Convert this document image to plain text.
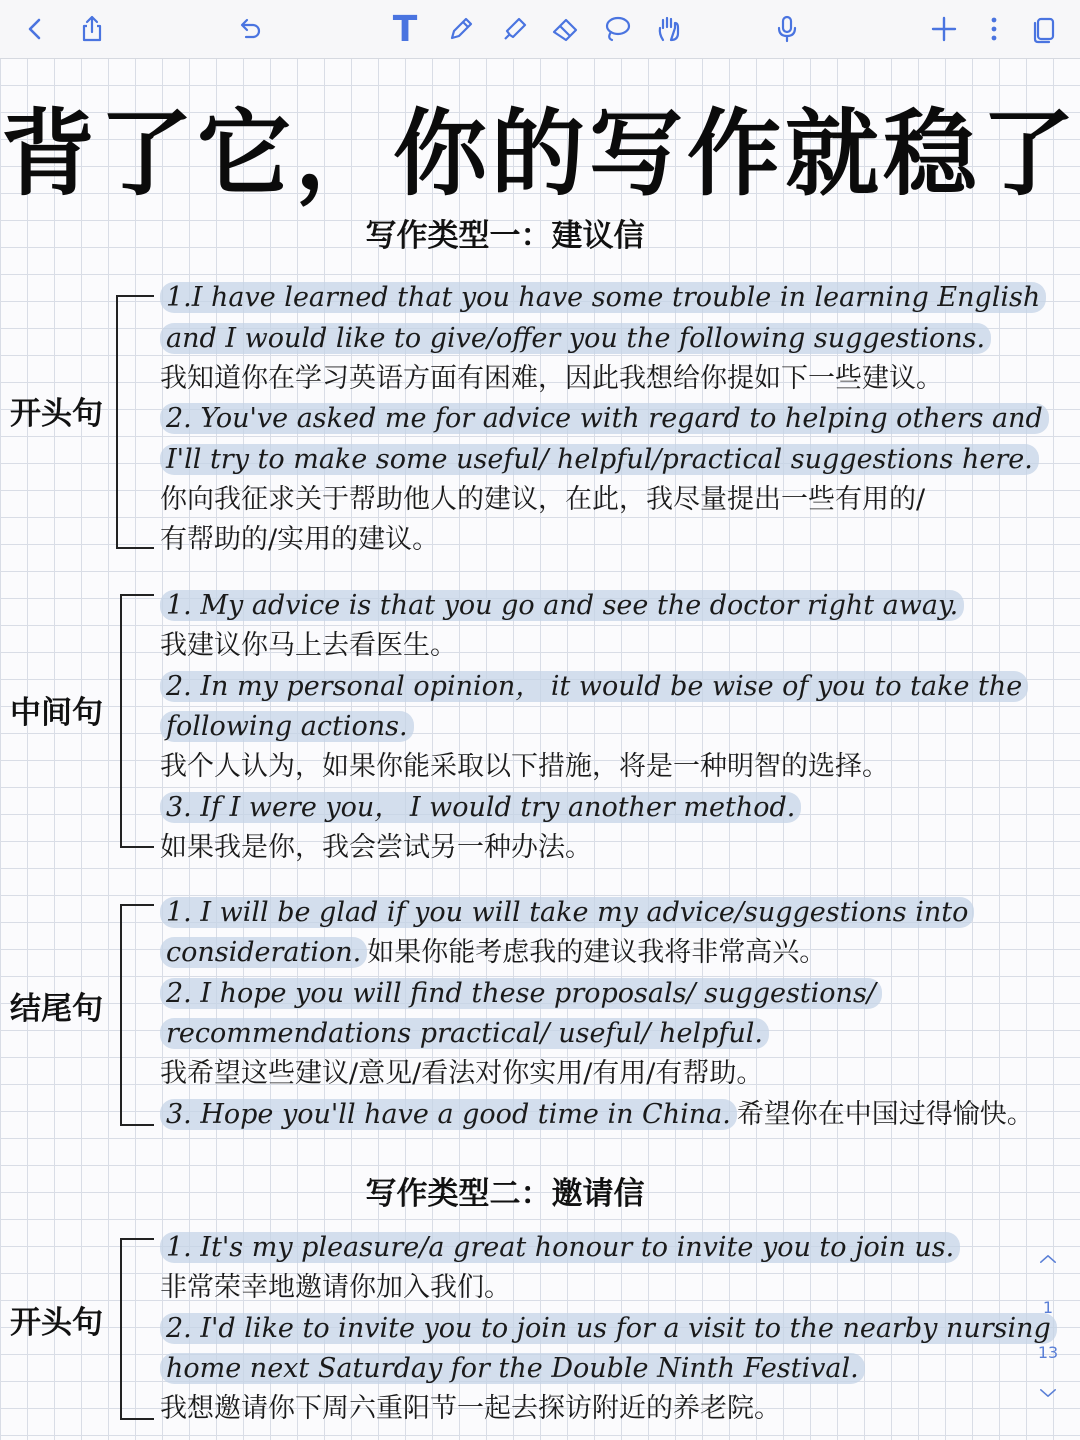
T
背了它，你的写作就稳了
写作类型一：建议信
开头句
1.I have learned that you have some trouble in learning English
and I would like to give/offer you the following suggestions.
我知道你在学习英语方面有困难，因此我想给你提如下一些建议。
2. You've asked me for advice with regard to helping others and
I'll try to make some useful/ helpful/practical suggestions here.
你向我征求关于帮助他人的建议，在此，我尽量提出一些有用的/
有帮助的/实用的建议。
中间句
1. My advice is that you go and see the doctor right away.
我建议你马上去看医生。
2. In my personal opinion， it would be wise of you to take the
following actions.
我个人认为，如果你能采取以下措施，将是一种明智的选择。
3. If I were you， I would try another method.
如果我是你，我会尝试另一种办法。
结尾句
1. I will be glad if you will take my advice/suggestions into
consideration. 如果你能考虑我的建议我将非常高兴。
2. I hope you will find these proposals/ suggestions/
recommendations practical/ useful/ helpful.
我希望这些建议/意见/看法对你实用/有用/有帮助。
3. Hope you'll have a good time in China. 希望你在中国过得愉快。
写作类型二：邀请信
开头句
1. It's my pleasure/a great honour to invite you to join us.
非常荣幸地邀请你加入我们。
2. I'd like to invite you to join us for a visit to the nearby nursing
home next Saturday for the Double Ninth Festival.
我想邀请你下周六重阳节一起去探访附近的养老院。
1
13
